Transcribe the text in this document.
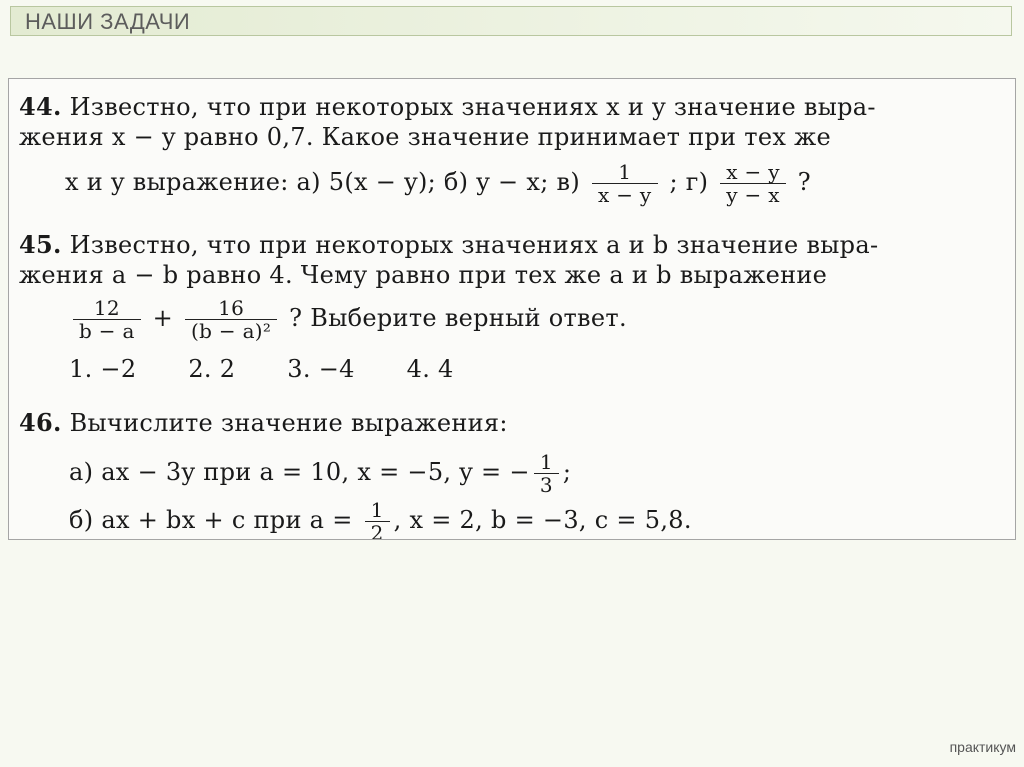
НАШИ ЗАДАЧИ
44. Известно, что при некоторых значениях x и y значение выра-
жения x − y равно 0,7. Какое значение принимает при тех же
x и y выражение: а) 5(x − y); б) y − x; $в) \frac{1}{x - y}$ ; $г) \frac{x - y}{y - x}$ ?
45. Известно, что при некоторых значениях a и b значение выра-
жения a − b равно 4. Чему равно при тех же a и b выражение
$\frac{12}{b - a} + \frac{16}{\text{(b − a)²}}$ ? Выберите верный ответ.
1. −2 2. 2 3. −4 4. 4
46. Вычислите значение выражения:
а) ax − 3y при a = 10, x = −5, y = − $\frac{1}{3}$ ;
б) ax + bx + c при $a = \frac{1}{2}$ , x = 2, b = −3, c = 5,8.
практикум
